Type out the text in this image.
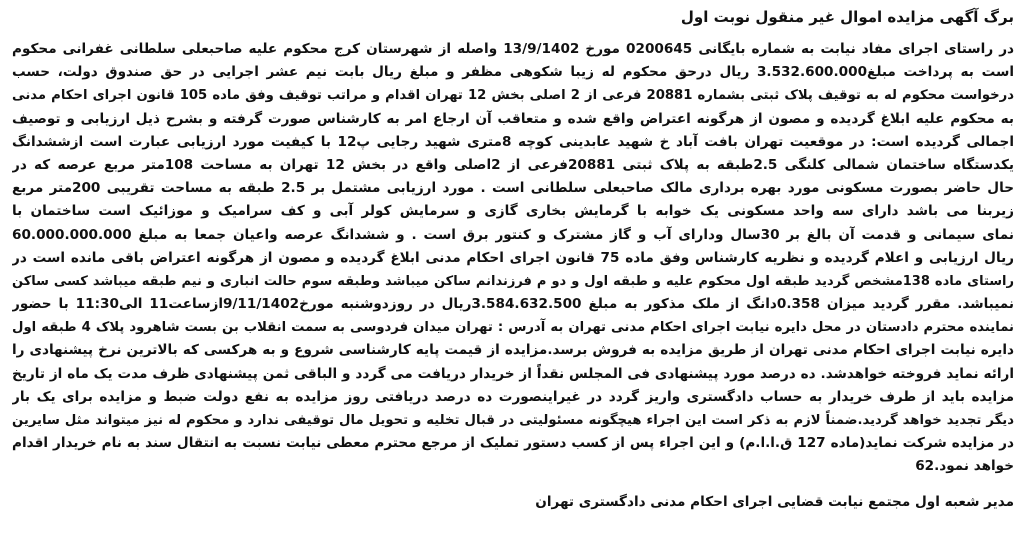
برگ آگهی مزایده اموال غیر منقول نوبت اول
در راستای اجرای مفاد نیابت به شماره بایگانی 0200645 مورخ 13/9/1402 واصله از شهرستان کرج محکوم علیه صاحبعلی سلطانی غفرانی محکوم
است به پرداخت مبلغ3.532.600.000 ریال درحق محکوم له زیبا شکوهی مظفر و مبلغ ریال بابت نیم عشر اجرایی در حق صندوق دولت، حسب
درخواست محکوم له به توقیف پلاک ثبتی بشماره 20881 فرعی از 2 اصلی بخش 12 تهران اقدام و مراتب توقیف وفق ماده 105 قانون اجرای احکام مدنی
به محکوم علیه ابلاغ گردیده و مصون از هرگونه اعتراض واقع شده و متعاقب آن ارجاع امر به کارشناس صورت گرفته و بشرح ذیل ارزیابی و توصیف
اجمالی گردیده است: در موقعیت تهران بافت آباد خ شهید عابدینی کوچه 8متری شهید رجایی پ12 با کیفیت مورد ارزیابی عبارت است ازششدانگ
یکدستگاه ساختمان شمالی کلنگی 2.5طبقه به پلاک ثبتی 20881فرعی از 2اصلی واقع در بخش 12 تهران به مساحت 108متر مربع عرصه که در
حال حاضر بصورت مسکونی مورد بهره برداری مالک صاحبعلی سلطانی است . مورد ارزیابی مشتمل بر 2.5 طبقه به مساحت تقریبی 200متر مربع
زیربنا می باشد دارای سه واحد مسکونی یک خوابه با گرمایش بخاری گازی و سرمایش کولر آبی و کف سرامیک و موزائیک است ساختمان با
نمای سیمانی و قدمت آن بالغ بر 30سال ودارای آب و گاز مشترک و کنتور برق است . و ششدانگ عرصه واعیان جمعا به مبلغ 60.000.000.000
ریال ارزیابی و اعلام گردیده و نظریه کارشناس وفق ماده 75 قانون اجرای احکام مدنی ابلاغ گردیده و مصون از هرگونه اعتراض باقی مانده است در
راستای ماده 138مشخص گردید طبقه اول محکوم علیه و طبقه اول و دو م فرزندانم ساکن میباشد وطبقه سوم حالت انباری و نیم طبقه میباشد کسی ساکن
نمیباشد. مقرر گردید میزان 0.358دانگ از ملک مذکور به مبلغ 3.584.632.500ریال در روزدوشنبه مورخ9/11/1402ازساعت11 الی11:30 با حضور
نماینده محترم دادستان در محل دایره نیابت اجرای احکام مدنی تهران به آدرس : تهران میدان فردوسی به سمت انقلاب بن بست شاهرود پلاک 4 طبقه اول
دایره نیابت اجرای احکام مدنی تهران از طریق مزایده به فروش برسد.مزایده از قیمت پایه کارشناسی شروع و به هرکسی که بالاترین نرخ پیشنهادی را
ارائه نماید فروخته خواهدشد. ده درصد مورد پیشنهادی فی المجلس نقداً از خریدار دریافت می گردد و الباقی ثمن پیشنهادی ظرف مدت یک ماه از تاریخ
مزایده باید از طرف خریدار به حساب دادگستری واریز گردد در غیراینصورت ده درصد دریافتی روز مزایده به نفع دولت ضبط و مزایده برای یک بار
دیگر تجدید خواهد گردید.ضمناً لازم به ذکر است این اجراء هیچگونه مسئولیتی در قبال تخلیه و تحویل مال توقیفی ندارد و محکوم له نیز میتواند مثل سایرین
در مزایده شرکت نماید(ماده 127 ق.ا.ا.م) و این اجراء پس از کسب دستور تملیک از مرجع محترم معطی نیابت نسبت به انتقال سند به نام خریدار اقدام
خواهد نمود.62
مدیر شعبه اول مجتمع نیابت قضایی اجرای احکام مدنی دادگستری تهران
